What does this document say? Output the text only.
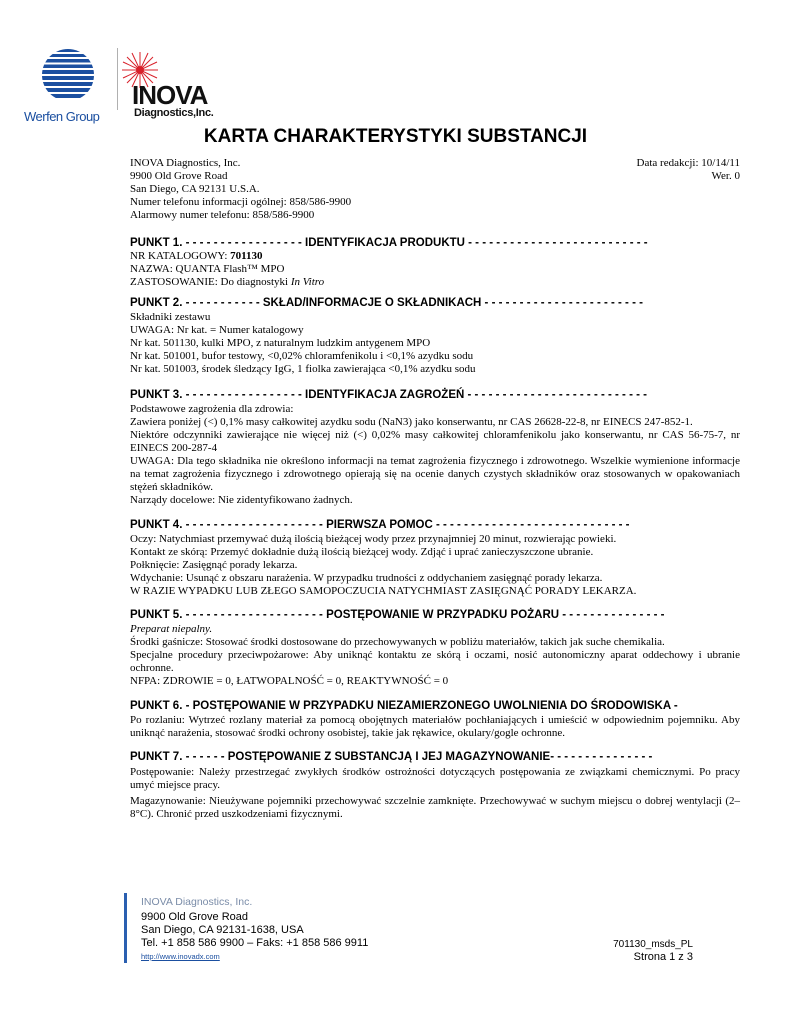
Werfen Group
INOVA
Diagnostics,Inc.
KARTA CHARAKTERYSTYKI SUBSTANCJI
INOVA Diagnostics, Inc.
9900 Old Grove Road
San Diego, CA 92131 U.S.A.
Numer telefonu informacji ogólnej: 858/586-9900
Alarmowy numer telefonu: 858/586-9900
Data redakcji: 10/14/11
Wer. 0
PUNKT 1. - - - - - - - - - - - - - - - - - IDENTYFIKACJA PRODUKTU - - - - - - - - - - - - - - - - - - - - - - - - - -
NR KATALOGOWY: 701130
NAZWA: QUANTA Flash™ MPO
ZASTOSOWANIE: Do diagnostyki In Vitro
PUNKT 2. - - - - - - - - - - - SKŁAD/INFORMACJE O SKŁADNIKACH - - - - - - - - - - - - - - - - - - - - - - -
Składniki zestawu
UWAGA: Nr kat. = Numer katalogowy
Nr kat. 501130, kulki MPO, z naturalnym ludzkim antygenem MPO
Nr kat. 501001, bufor testowy, <0,02% chloramfenikolu i <0,1% azydku sodu
Nr kat. 501003, środek śledzący IgG, 1 fiolka zawierająca <0,1% azydku sodu
PUNKT 3. - - - - - - - - - - - - - - - - - IDENTYFIKACJA ZAGROŻEŃ - - - - - - - - - - - - - - - - - - - - - - - - - -
Podstawowe zagrożenia dla zdrowia:
Zawiera poniżej (<) 0,1% masy całkowitej azydku sodu (NaN3) jako konserwantu, nr CAS 26628-22-8, nr EINECS 247-852-1.
Niektóre odczynniki zawierające nie więcej niż (<) 0,02% masy całkowitej chloramfenikolu jako konserwantu, nr CAS 56-75-7, nr EINECS 200-287-4
UWAGA: Dla tego składnika nie określono informacji na temat zagrożenia fizycznego i zdrowotnego. Wszelkie wymienione informacje na temat zagrożenia fizycznego i zdrowotnego opierają się na ocenie danych czystych składników oraz stosowanych w opakowaniach stężeń składników.
Narządy docelowe: Nie zidentyfikowano żadnych.
PUNKT 4. - - - - - - - - - - - - - - - - - - - - PIERWSZA POMOC - - - - - - - - - - - - - - - - - - - - - - - - - - - -
Oczy: Natychmiast przemywać dużą ilością bieżącej wody przez przynajmniej 20 minut, rozwierając powieki.
Kontakt ze skórą: Przemyć dokładnie dużą ilością bieżącej wody. Zdjąć i uprać zanieczyszczone ubranie.
Połknięcie: Zasięgnąć porady lekarza.
Wdychanie: Usunąć z obszaru narażenia. W przypadku trudności z oddychaniem zasięgnąć porady lekarza.
W RAZIE WYPADKU LUB ZŁEGO SAMOPOCZUCIA NATYCHMIAST ZASIĘGNĄĆ PORADY LEKARZA.
PUNKT 5. - - - - - - - - - - - - - - - - - - - - POSTĘPOWANIE W PRZYPADKU POŻARU - - - - - - - - - - - - - - -
Preparat niepalny.
Środki gaśnicze: Stosować środki dostosowane do przechowywanych w pobliżu materiałów, takich jak suche chemikalia.
Specjalne procedury przeciwpożarowe: Aby uniknąć kontaktu ze skórą i oczami, nosić autonomiczny aparat oddechowy i ubranie ochronne.
NFPA: ZDROWIE = 0, ŁATWOPALNOŚĆ = 0, REAKTYWNOŚĆ = 0
PUNKT 6. - POSTĘPOWANIE W PRZYPADKU NIEZAMIERZONEGO UWOLNIENIA DO ŚRODOWISKA -
Po rozlaniu: Wytrzeć rozlany materiał za pomocą obojętnych materiałów pochłaniających i umieścić w odpowiednim pojemniku. Aby uniknąć narażenia, stosować środki ochrony osobistej, takie jak rękawice, okulary/gogle ochronne.
PUNKT 7. - - - - - - POSTĘPOWANIE Z SUBSTANCJĄ I JEJ MAGAZYNOWANIE- - - - - - - - - - - - - - -
Postępowanie: Należy przestrzegać zwykłych środków ostrożności dotyczących postępowania ze związkami chemicznymi. Po pracy umyć miejsce pracy.
Magazynowanie: Nieużywane pojemniki przechowywać szczelnie zamknięte. Przechowywać w suchym miejscu o dobrej wentylacji (2–8°C). Chronić przed uszkodzeniami fizycznymi.
INOVA Diagnostics, Inc.
9900 Old Grove Road
San Diego, CA 92131-1638, USA
Tel. +1 858 586 9900 – Faks: +1 858 586 9911
http://www.inovadx.com
701130_msds_PL
Strona 1 z 3
